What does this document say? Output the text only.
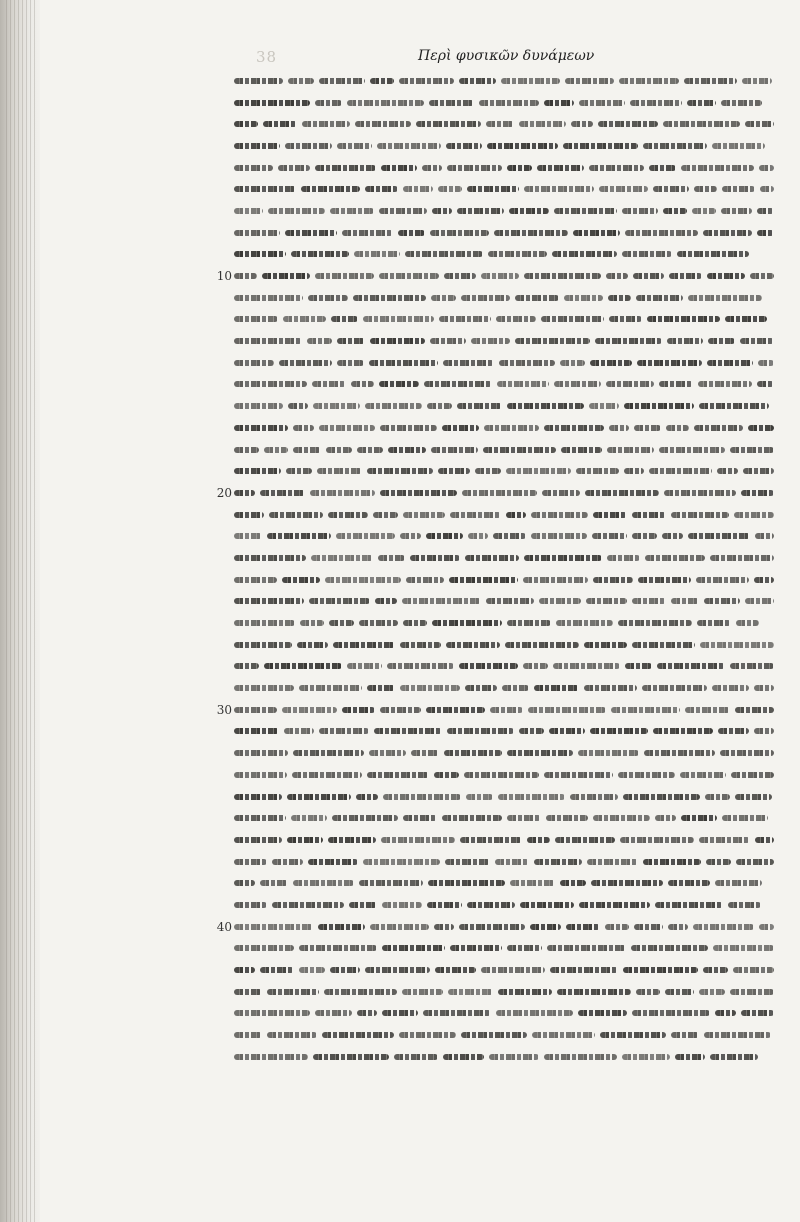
38	Περὶ φυσικῶν δυνάμεων
10
20
30
40
